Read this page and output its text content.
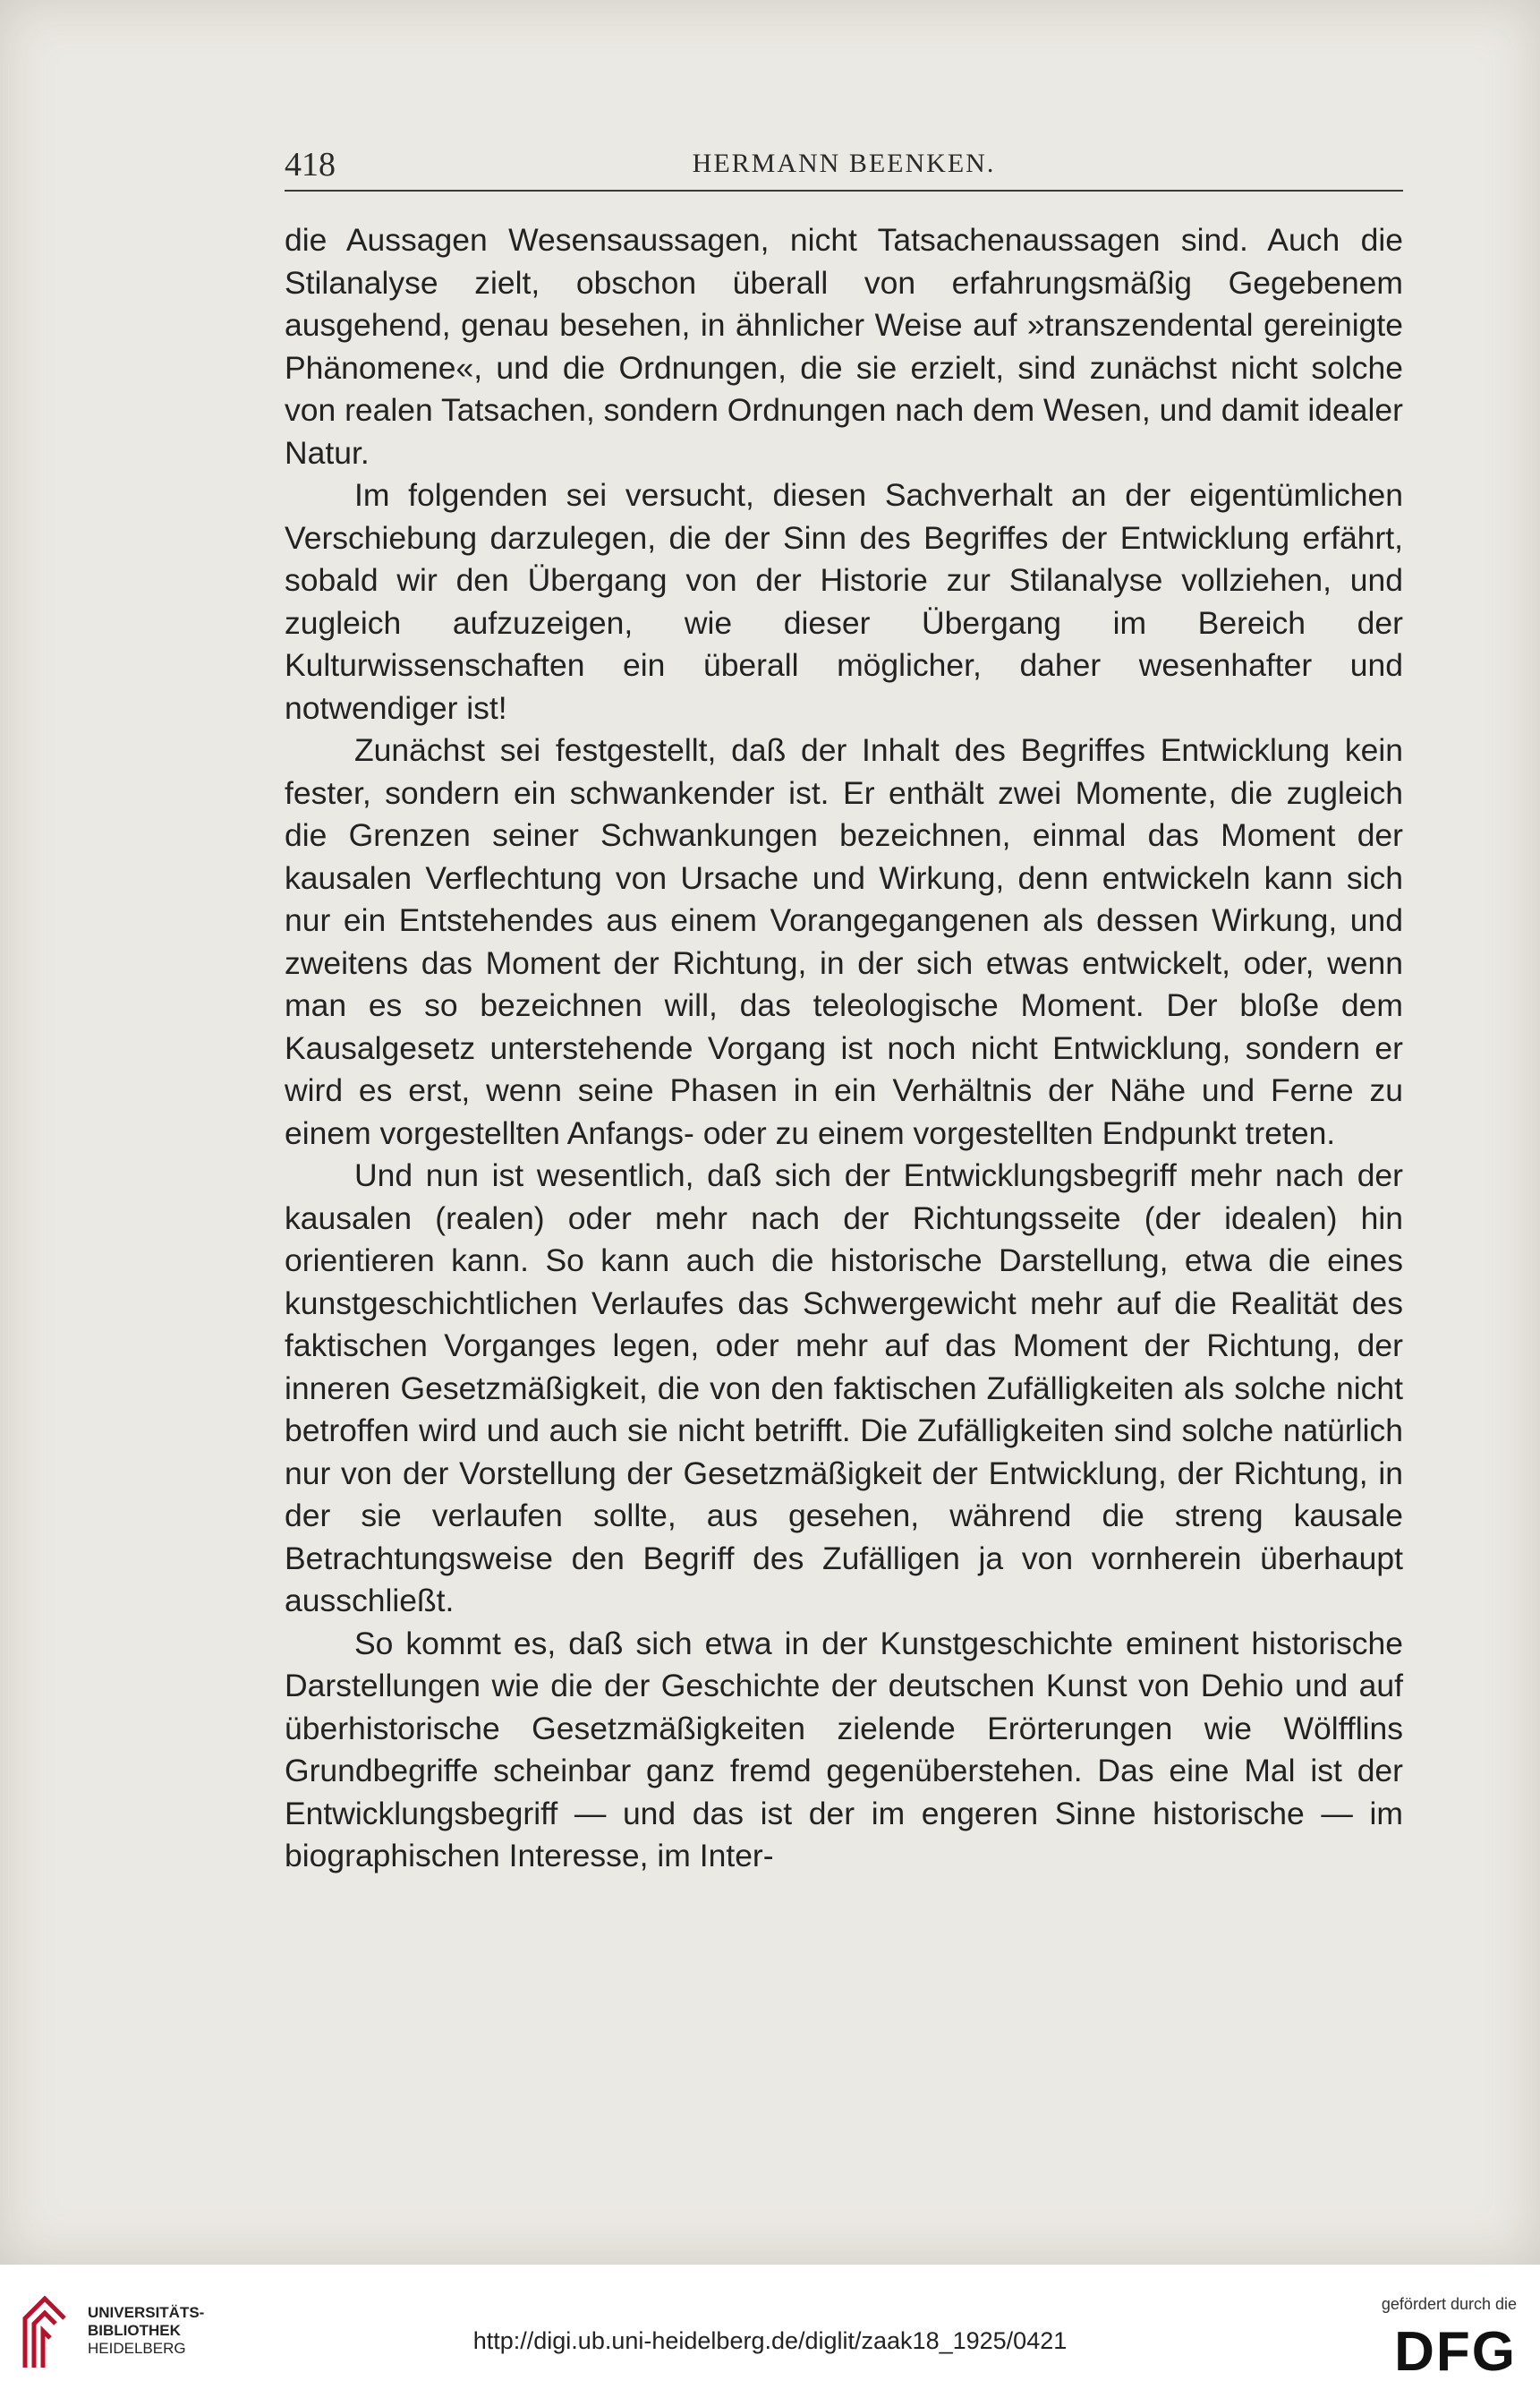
418	HERMANN BEENKEN.

die Aussagen Wesensaussagen, nicht Tatsachenaussagen sind. Auch die Stilanalyse zielt, obschon überall von erfahrungsmäßig Gegebenem ausgehend, genau besehen, in ähnlicher Weise auf »transzendental gereinigte Phänomene«, und die Ordnungen, die sie erzielt, sind zunächst nicht solche von realen Tatsachen, sondern Ordnungen nach dem Wesen, und damit idealer Natur.

Im folgenden sei versucht, diesen Sachverhalt an der eigentümlichen Verschiebung darzulegen, die der Sinn des Begriffes der Entwicklung erfährt, sobald wir den Übergang von der Historie zur Stilanalyse vollziehen, und zugleich aufzuzeigen, wie dieser Übergang im Bereich der Kulturwissenschaften ein überall möglicher, daher wesenhafter und notwendiger ist!

Zunächst sei festgestellt, daß der Inhalt des Begriffes Entwicklung kein fester, sondern ein schwankender ist. Er enthält zwei Momente, die zugleich die Grenzen seiner Schwankungen bezeichnen, einmal das Moment der kausalen Verflechtung von Ursache und Wirkung, denn entwickeln kann sich nur ein Entstehendes aus einem Vorangegangenen als dessen Wirkung, und zweitens das Moment der Richtung, in der sich etwas entwickelt, oder, wenn man es so bezeichnen will, das teleologische Moment. Der bloße dem Kausalgesetz unterstehende Vorgang ist noch nicht Entwicklung, sondern er wird es erst, wenn seine Phasen in ein Verhältnis der Nähe und Ferne zu einem vorgestellten Anfangs- oder zu einem vorgestellten Endpunkt treten.

Und nun ist wesentlich, daß sich der Entwicklungsbegriff mehr nach der kausalen (realen) oder mehr nach der Richtungsseite (der idealen) hin orientieren kann. So kann auch die historische Darstellung, etwa die eines kunstgeschichtlichen Verlaufes das Schwergewicht mehr auf die Realität des faktischen Vorganges legen, oder mehr auf das Moment der Richtung, der inneren Gesetzmäßigkeit, die von den faktischen Zufälligkeiten als solche nicht betroffen wird und auch sie nicht betrifft. Die Zufälligkeiten sind solche natürlich nur von der Vorstellung der Gesetzmäßigkeit der Entwicklung, der Richtung, in der sie verlaufen sollte, aus gesehen, während die streng kausale Betrachtungsweise den Begriff des Zufälligen ja von vornherein überhaupt ausschließt.

So kommt es, daß sich etwa in der Kunstgeschichte eminent historische Darstellungen wie die der Geschichte der deutschen Kunst von Dehio und auf überhistorische Gesetzmäßigkeiten zielende Erörterungen wie Wölfflins Grundbegriffe scheinbar ganz fremd gegenüberstehen. Das eine Mal ist der Entwicklungsbegriff — und das ist der im engeren Sinne historische — im biographischen Interesse, im Inter-

UNIVERSITÄTS-
BIBLIOTHEK
HEIDELBERG	http://digi.ub.uni-heidelberg.de/diglit/zaak18_1925/0421
gefördert durch die
DFG
